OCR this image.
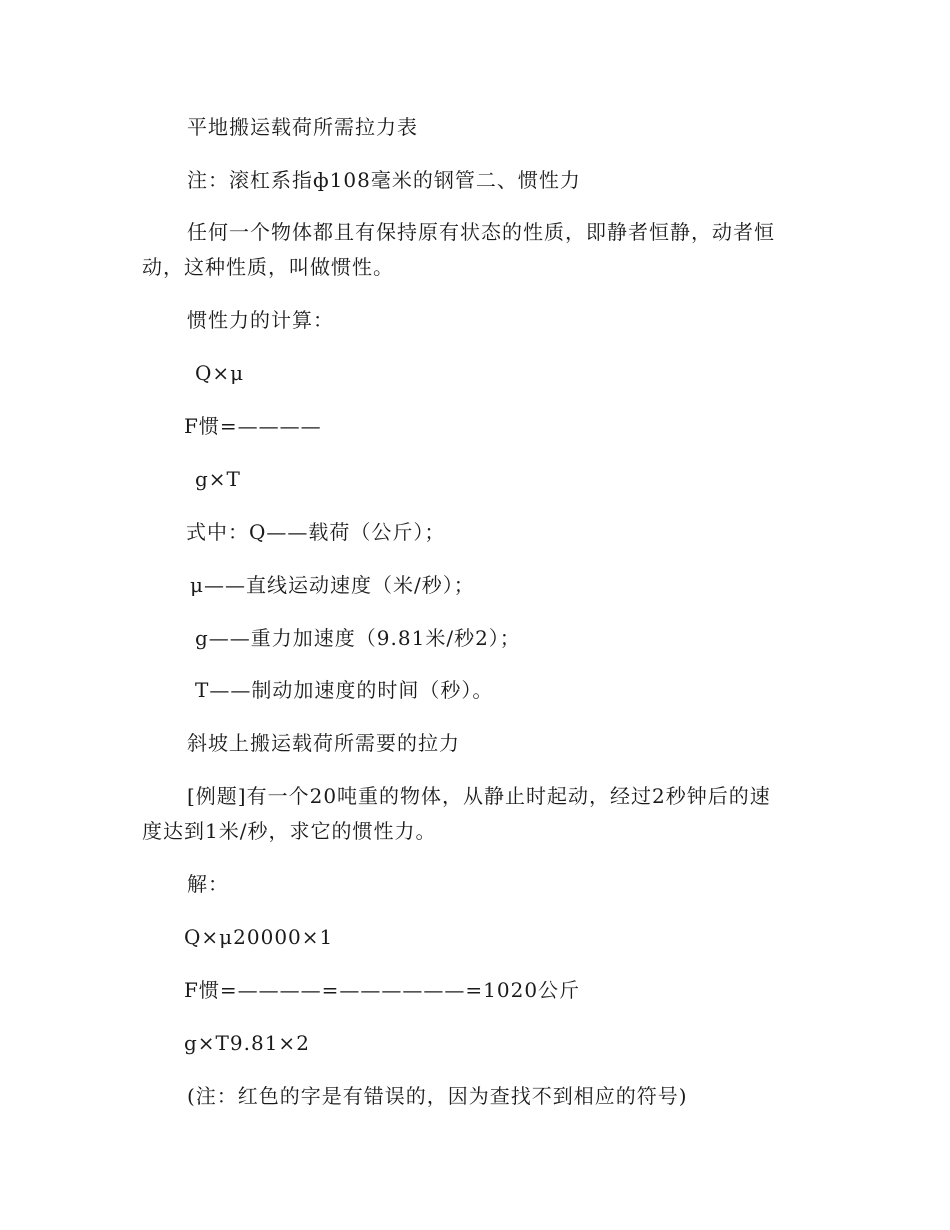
平地搬运载荷所需拉力表
注：滚杠系指ф108毫米的钢管二、惯性力
任何一个物体都且有保持原有状态的性质，即静者恒静，动者恒
动，这种性质，叫做惯性。
惯性力的计算：
Q×μ
F惯=————
g×T
式中：Q——载荷（公斤）；
μ——直线运动速度（米/秒）；
g——重力加速度（9.81米/秒2）；
T——制动加速度的时间（秒）。
斜坡上搬运载荷所需要的拉力
[例题]有一个20吨重的物体，从静止时起动，经过2秒钟后的速
度达到1米/秒，求它的惯性力。
解：
Q×μ20000×1
F惯=————=——————=1020公斤
g×T9.81×2
(注：红色的字是有错误的，因为查找不到相应的符号)
